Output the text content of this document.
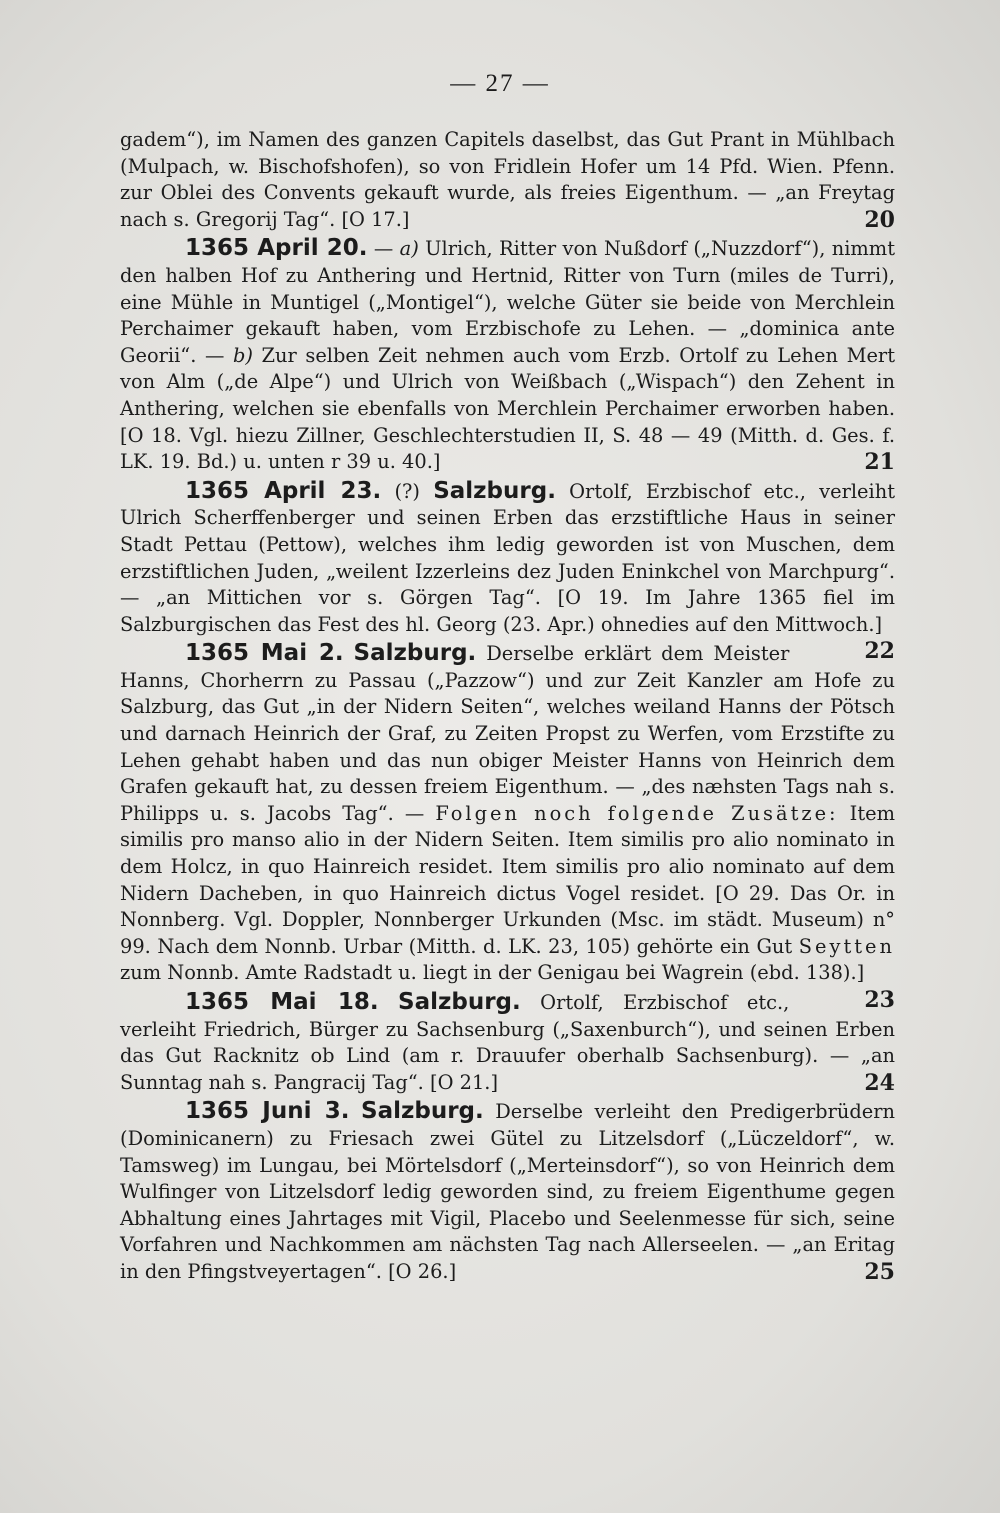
— 27 —

gadem“), im Namen des ganzen Capitels daselbst, das Gut Prant in Mühlbach (Mulpach, w. Bischofshofen), so von Fridlein Hofer um 14 Pfd. Wien. Pfenn. zur Oblei des Convents gekauft wurde, als freies Eigenthum. — „an Freytag nach s. Gregorij Tag“. [O 17.]	20

1365 April 20. — a) Ulrich, Ritter von Nußdorf („Nuzzdorf“), nimmt den halben Hof zu Anthering und Hertnid, Ritter von Turn (miles de Turri), eine Mühle in Muntigel („Montigel“), welche Güter sie beide von Merchlein Perchaimer gekauft haben, vom Erzbischofe zu Lehen. — „dominica ante Georii“. — b) Zur selben Zeit nehmen auch vom Erzb. Ortolf zu Lehen Mert von Alm („de Alpe“) und Ulrich von Weißbach („Wispach“) den Zehent in Anthering, welchen sie ebenfalls von Merchlein Perchaimer erworben haben. [O 18. Vgl. hiezu Zillner, Geschlechterstudien II, S. 48 — 49 (Mitth. d. Ges. f. LK. 19. Bd.) u. unten r 39 u. 40.]	21

1365 April 23. (?) Salzburg. Ortolf, Erzbischof etc., verleiht Ulrich Scherffenberger und seinen Erben das erzstiftliche Haus in seiner Stadt Pettau (Pettow), welches ihm ledig geworden ist von Muschen, dem erzstiftlichen Juden, „weilent Izzerleins dez Juden Eninkchel von Marchpurg“. — „an Mittichen vor s. Görgen Tag“. [O 19. Im Jahre 1365 fiel im Salzburgischen das Fest des hl. Georg (23. Apr.) ohnedies auf den Mittwoch.]
22

1365 Mai 2. Salzburg. Derselbe erklärt dem Meister Hanns, Chorherrn zu Passau („Pazzow“) und zur Zeit Kanzler am Hofe zu Salzburg, das Gut „in der Nidern Seiten“, welches weiland Hanns der Pötsch und darnach Heinrich der Graf, zu Zeiten Propst zu Werfen, vom Erzstifte zu Lehen gehabt haben und das nun obiger Meister Hanns von Heinrich dem Grafen gekauft hat, zu dessen freiem Eigenthum. — „des næhsten Tags nah s. Philipps u. s. Jacobs Tag“. — Folgen noch folgende Zusätze: Item similis pro manso alio in der Nidern Seiten. Item similis pro alio nominato in dem Holcz, in quo Hainreich residet. Item similis pro alio nominato auf dem Nidern Dacheben, in quo Hainreich dictus Vogel residet. [O 29. Das Or. in Nonnberg. Vgl. Doppler, Nonnberger Urkunden (Msc. im städt. Museum) n° 99. Nach dem Nonnb. Urbar (Mitth. d. LK. 23, 105) gehörte ein Gut Seytten zum Nonnb. Amte Radstadt u. liegt in der Genigau bei Wagrein (ebd. 138).]
23

1365 Mai 18. Salzburg. Ortolf, Erzbischof etc., verleiht Friedrich, Bürger zu Sachsenburg („Saxenburch“), und seinen Erben das Gut Racknitz ob Lind (am r. Drauufer oberhalb Sachsenburg). — „an Sunntag nah s. Pangracij Tag“. [O 21.]	24

1365 Juni 3. Salzburg. Derselbe verleiht den Predigerbrüdern (Dominicanern) zu Friesach zwei Gütel zu Litzelsdorf („Lüczeldorf“, w. Tamsweg) im Lungau, bei Mörtelsdorf („Merteinsdorf“), so von Heinrich dem Wulfinger von Litzelsdorf ledig geworden sind, zu freiem Eigenthume gegen Abhaltung eines Jahrtages mit Vigil, Placebo und Seelenmesse für sich, seine Vorfahren und Nachkommen am nächsten Tag nach Allerseelen. — „an Eritag in den Pfingstveyertagen“. [O 26.]	25
